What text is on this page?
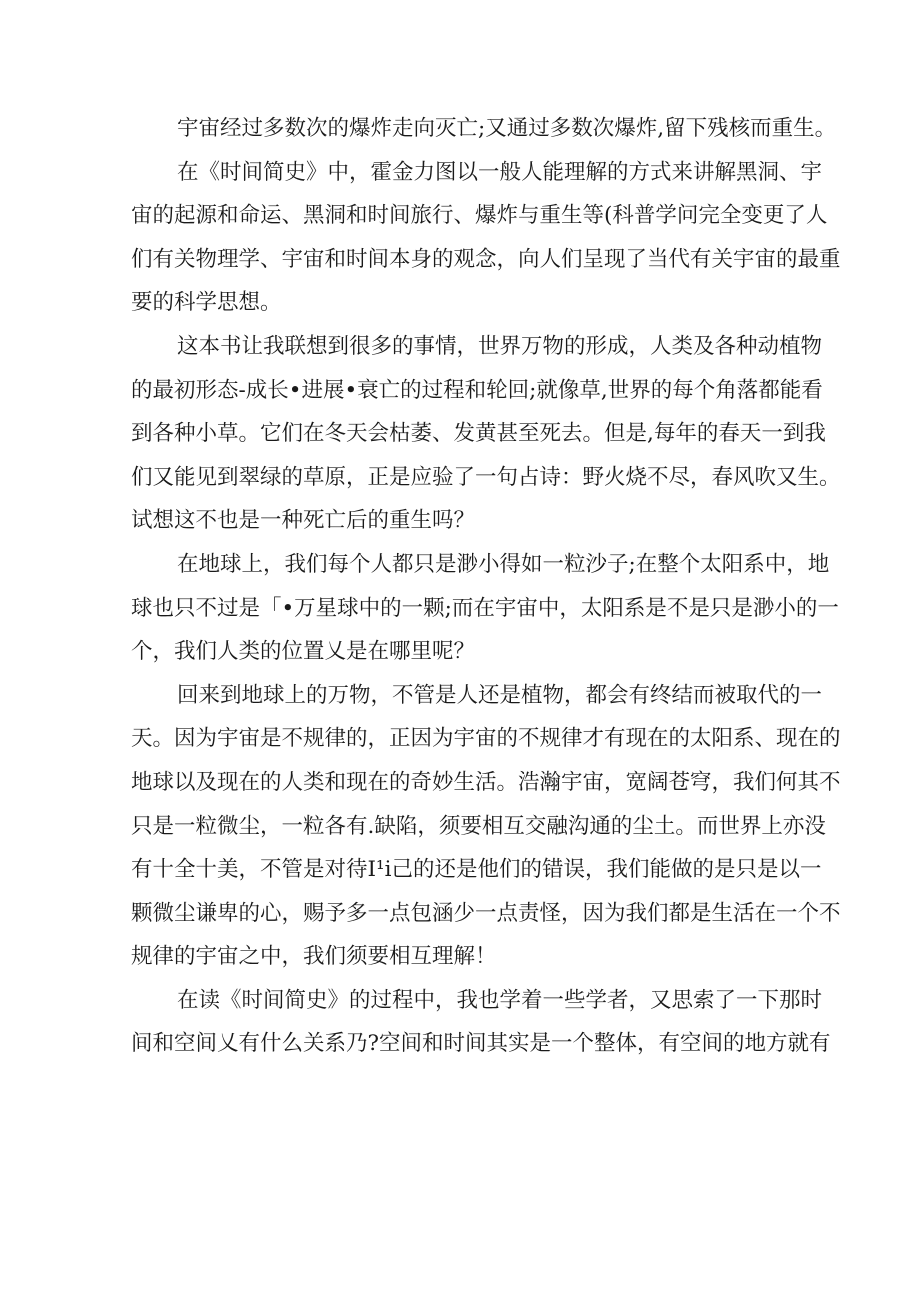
宇宙经过多数次的爆炸走向灭亡;又通过多数次爆炸,留下残核而重生。
在《时间简史》中，霍金力图以一般人能理解的方式来讲解黑洞、宇
宙的起源和命运、黑洞和时间旅行、爆炸与重生等(科普学问完全变更了人
们有关物理学、宇宙和时间本身的观念，向人们呈现了当代有关宇宙的最重
要的科学思想。
这本书让我联想到很多的事情，世界万物的形成，人类及各种动植物
的最初形态-成长•进展•衰亡的过程和轮回;就像草,世界的每个角落都能看
到各种小草。它们在冬天会枯萎、发黄甚至死去。但是,每年的春天一到我
们又能见到翠绿的草原，正是应验了一句占诗：野火烧不尽，春风吹又生。
试想这不也是一种死亡后的重生吗？
在地球上，我们每个人都只是渺小得如一粒沙子;在整个太阳系中，地
球也只不过是「•万星球中的一颗;而在宇宙中，太阳系是不是只是渺小的一
个，我们人类的位置乂是在哪里呢？
回来到地球上的万物，不管是人还是植物，都会有终结而被取代的一
天。因为宇宙是不规律的，正因为宇宙的不规律才有现在的太阳系、现在的
地球以及现在的人类和现在的奇妙生活。浩瀚宇宙，宽阔苍穹，我们何其不
只是一粒微尘，一粒各有.缺陷，须要相互交融沟通的尘土。而世界上亦没
有十全十美，不管是对待I¹i己的还是他们的错误，我们能做的是只是以一
颗微尘谦卑的心，赐予多一点包涵少一点责怪，因为我们都是生活在一个不
规律的宇宙之中，我们须要相互理解！
在读《时间简史》的过程中，我也学着一些学者，又思索了一下那时
间和空间乂有什么关系乃?空间和时间其实是一个整体，有空间的地方就有
